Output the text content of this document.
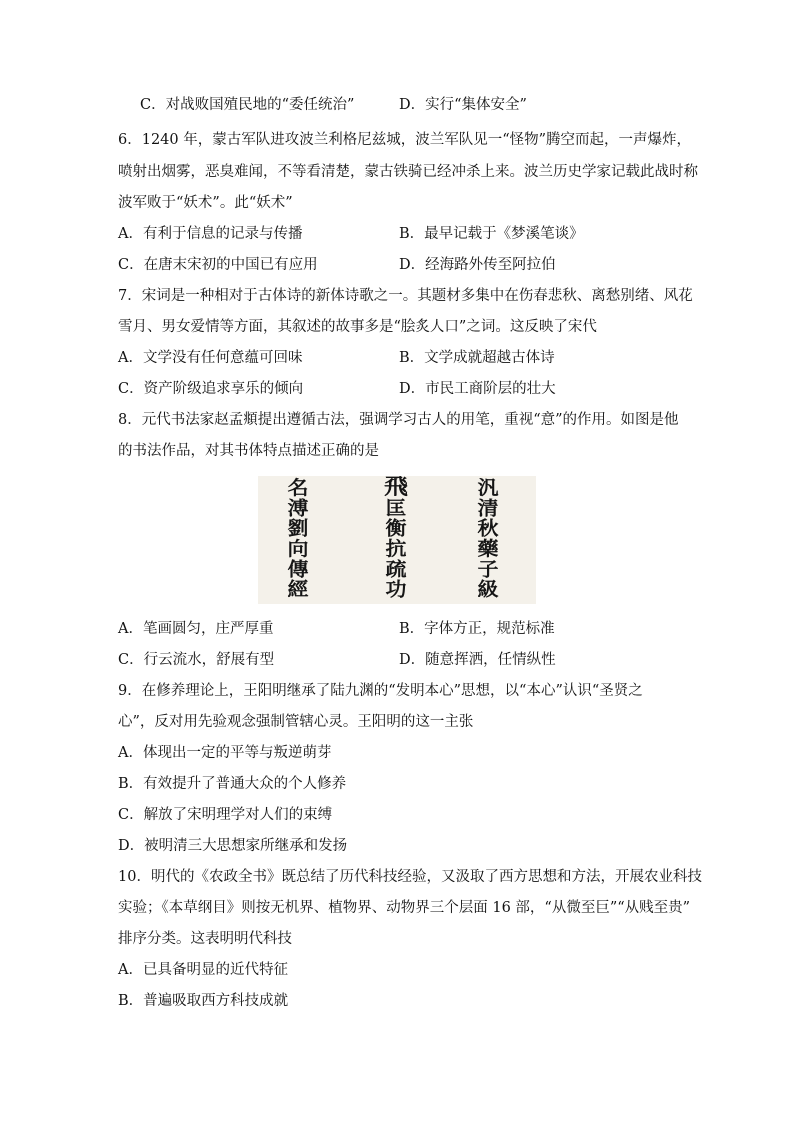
C．对战败国殖民地的“委任统治”	D．实行“集体安全”
6．1240 年，蒙古军队进攻波兰利格尼兹城，波兰军队见一“怪物”腾空而起，一声爆炸，
喷射出烟雾，恶臭难闻，不等看清楚，蒙古铁骑已经冲杀上来。波兰历史学家记载此战时称
波军败于“妖术”。此“妖术”
A．有利于信息的记录与传播	B．最早记载于《梦溪笔谈》
C．在唐末宋初的中国已有应用	D．经海路外传至阿拉伯
7．宋词是一种相对于古体诗的新体诗歌之一。其题材多集中在伤春悲秋、离愁别绪、风花
雪月、男女爱情等方面，其叙述的故事多是“脍炙人口”之词。这反映了宋代
A．文学没有任何意蕴可回味	B．文学成就超越古体诗
C．资产阶级追求享乐的倾向	D．市民工商阶层的壮大
8．元代书法家赵孟頫提出遵循古法，强调学习古人的用笔，重视“意”的作用。如图是他
的书法作品，对其书体特点描述正确的是
名
溥
劉
向
傳
經
飛
匡
衡
抗
疏
功
汎
清
秋
藥
子
級
A．笔画圆匀，庄严厚重	B．字体方正，规范标准
C．行云流水，舒展有型	D．随意挥洒，任情纵性
9．在修养理论上，王阳明继承了陆九渊的“发明本心”思想，以“本心”认识“圣贤之
心”，反对用先验观念强制管辖心灵。王阳明的这一主张
A．体现出一定的平等与叛逆萌芽
B．有效提升了普通大众的个人修养
C．解放了宋明理学对人们的束缚
D．被明清三大思想家所继承和发扬
10．明代的《农政全书》既总结了历代科技经验，又汲取了西方思想和方法，开展农业科技
实验；《本草纲目》则按无机界、植物界、动物界三个层面 16 部，“从微至巨”“从贱至贵”
排序分类。这表明明代科技
A．已具备明显的近代特征
B．普遍吸取西方科技成就
